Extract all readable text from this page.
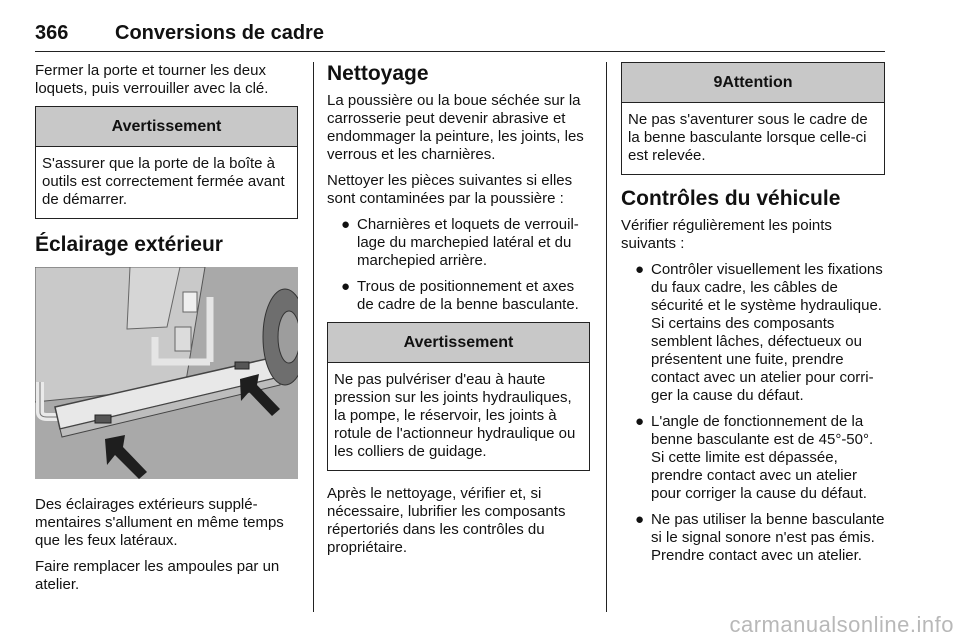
366 Conversions de cadre

Fermer la porte et tourner les deux loquets, puis verrouiller avec la clé.

Avertissement
S'assurer que la porte de la boîte à outils est correctement fermée avant de démarrer.
Éclairage extérieur

Des éclairages extérieurs supplémentaires s'allument en même temps que les feux latéraux.

Faire remplacer les ampoules par un atelier.

Nettoyage

La poussière ou la boue séchée sur la carrosserie peut devenir abrasive et endommager la peinture, les joints, les verrous et les charnières.

Nettoyer les pièces suivantes si elles sont contaminées par la poussière :

● Charnières et loquets de verrouillage du marchepied latéral et du marchepied arrière.
● Trous de positionnement et axes de cadre de la benne basculante.
Avertissement
Ne pas pulvériser d'eau à haute pression sur les joints hydrauliques, la pompe, le réservoir, les joints à rotule de l'actionneur hydraulique ou les colliers de guidage.

Après le nettoyage, vérifier et, si nécessaire, lubrifier les composants répertoriés dans les contrôles du propriétaire.

9Attention
Ne pas s'aventurer sous le cadre de la benne basculante lorsque celle-ci est relevée.
Contrôles du véhicule

Vérifier régulièrement les points suivants :

● Contrôler visuellement les fixations du faux cadre, les câbles de sécurité et le système hydraulique. Si certains des composants semblent lâches, défectueux ou présentent une fuite, prendre contact avec un atelier pour corriger la cause du défaut.
● L'angle de fonctionnement de la benne basculante est de 45°-50°. Si cette limite est dépassée, prendre contact avec un atelier pour corriger la cause du défaut.
● Ne pas utiliser la benne basculante si le signal sonore n'est pas émis. Prendre contact avec un atelier.
carmanualsonline.info
